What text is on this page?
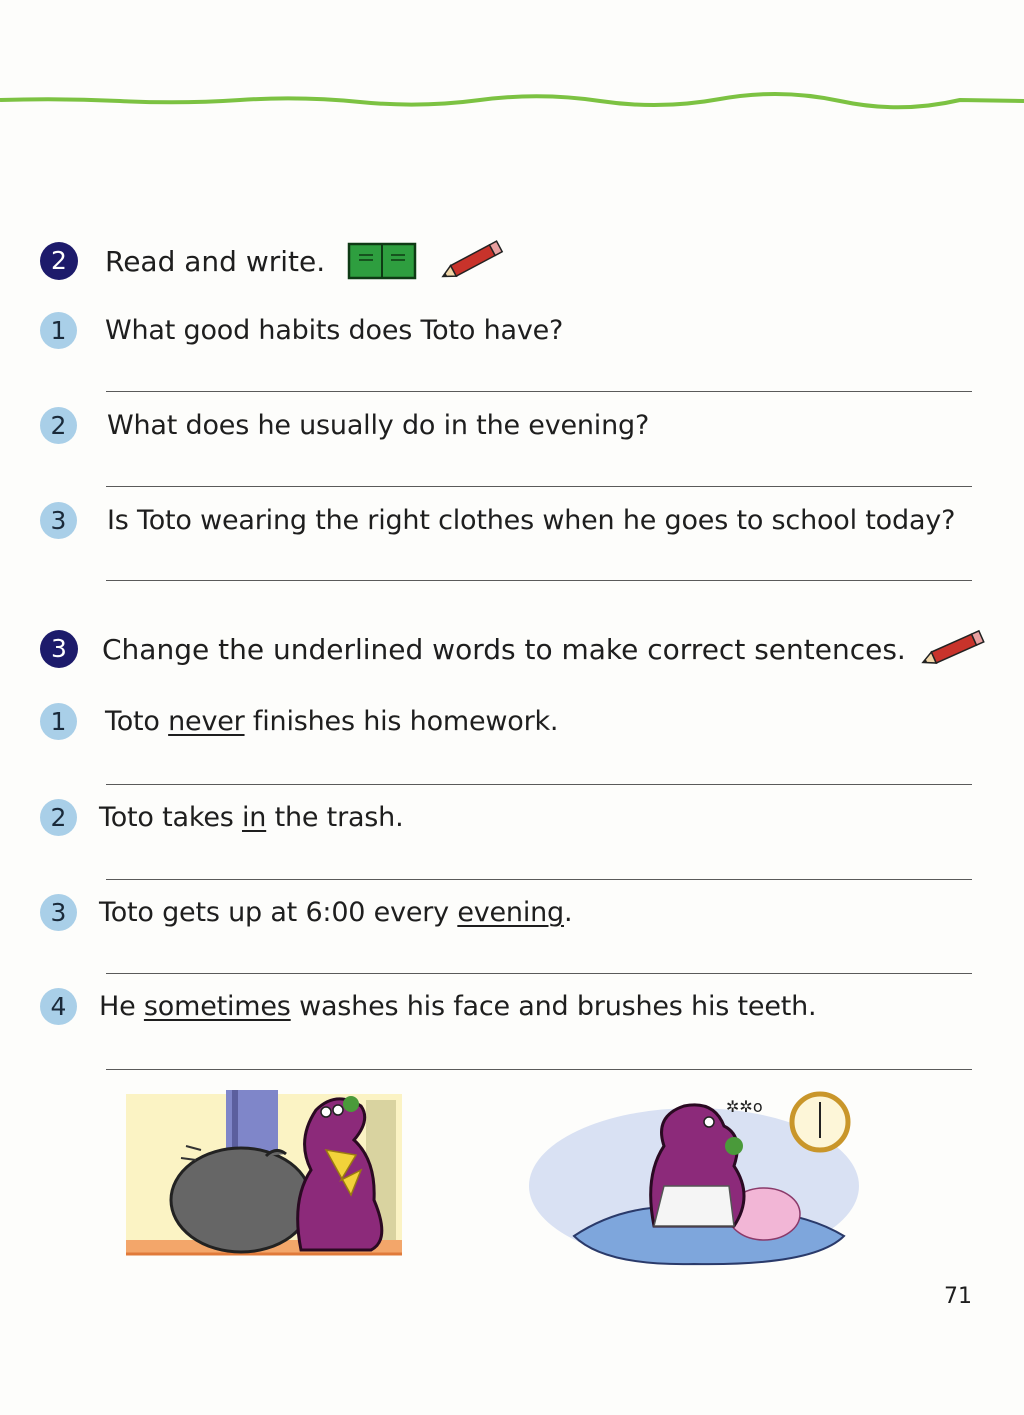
2	Read and write.
1	What good habits does Toto have?
2	What does he usually do in the evening?
3	Is Toto wearing the right clothes when he goes to school today?
3	Change the underlined words to make correct sentences.
1	Toto never finishes his homework.
2	Toto takes in the trash.
3	Toto gets up at 6:00 every evening.
4	He sometimes washes his face and brushes his teeth.
✲✲o
71
